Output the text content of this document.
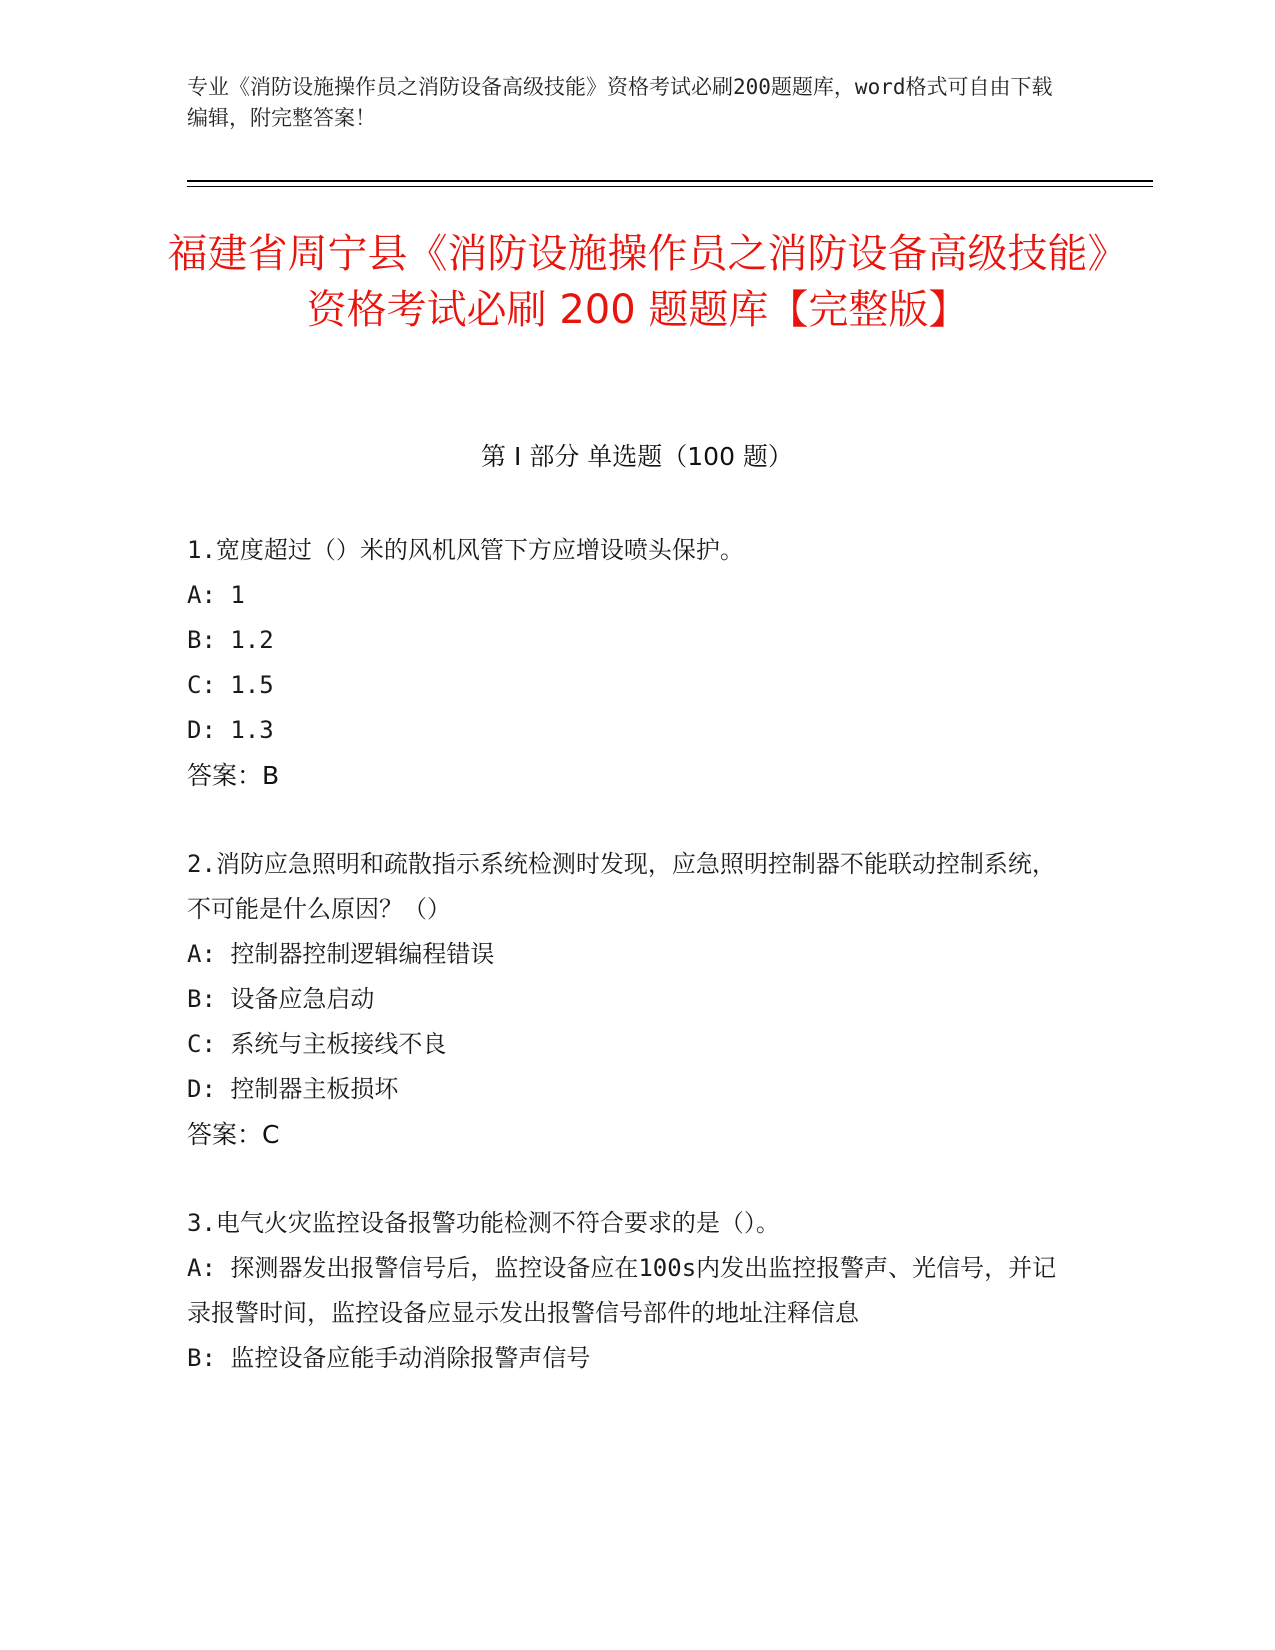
专业《消防设施操作员之消防设备高级技能》资格考试必刷200题题库，word格式可自由下载编辑，附完整答案！
福建省周宁县《消防设施操作员之消防设备高级技能》资格考试必刷 200 题题库【完整版】
第 I 部分 单选题（100 题）
1.宽度超过（）米的风机风管下方应增设喷头保护。
A: 1
B: 1.2
C: 1.5
D: 1.3
答案：B
2.消防应急照明和疏散指示系统检测时发现，应急照明控制器不能联动控制系统，不可能是什么原因？（）
A: 控制器控制逻辑编程错误
B: 设备应急启动
C: 系统与主板接线不良
D: 控制器主板损坏
答案：C
3.电气火灾监控设备报警功能检测不符合要求的是（）。
A: 探测器发出报警信号后，监控设备应在100s内发出监控报警声、光信号，并记录报警时间，监控设备应显示发出报警信号部件的地址注释信息
B: 监控设备应能手动消除报警声信号
